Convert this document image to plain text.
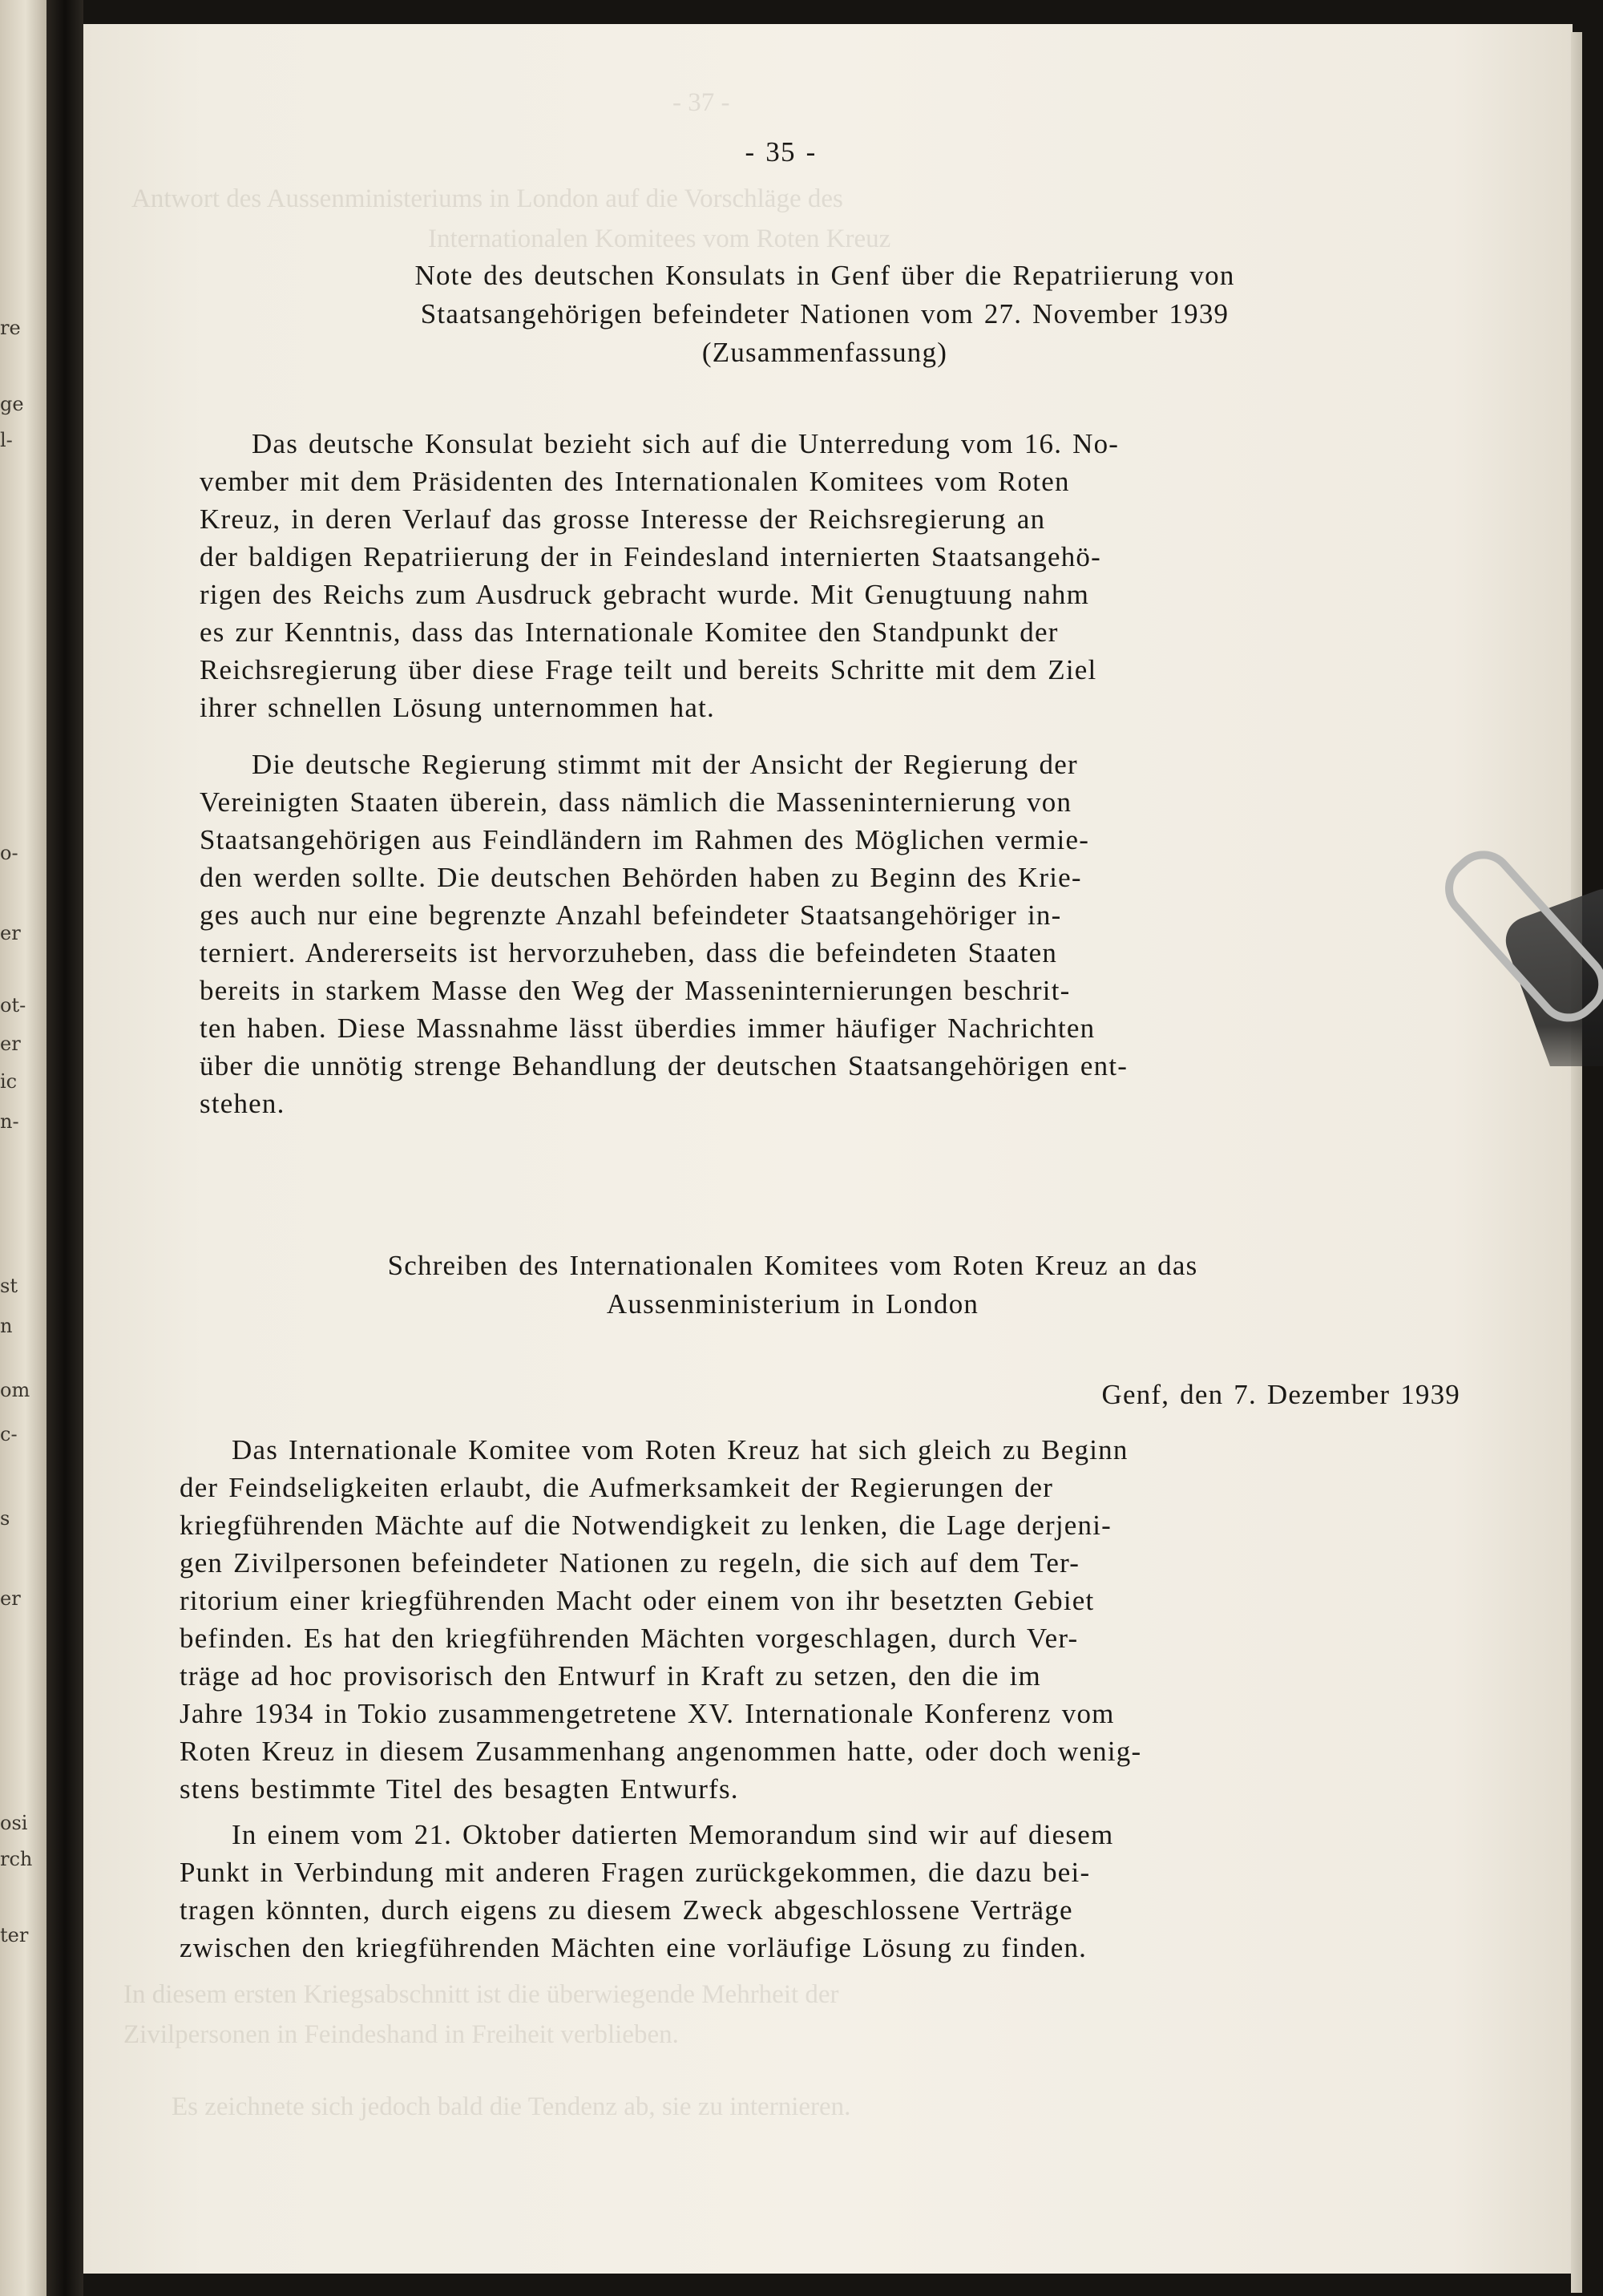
re
ge
l-
o-
er
ot-
er
ic
n-
st
n
om
c-
s
er
osi
rch
ter
- 37 -
Antwort des Aussenministeriums in London auf die Vorschläge des
Internationalen Komitees vom Roten Kreuz
In diesem ersten Kriegsabschnitt ist die überwiegende Mehrheit der
Zivilpersonen in Feindeshand in Freiheit verblieben.
Es zeichnete sich jedoch bald die Tendenz ab, sie zu internieren.
- 35 -
Note des deutschen Konsulats in Genf über die Repatriierung von
Staatsangehörigen befeindeter Nationen vom 27. November 1939
(Zusammenfassung)
Das deutsche Konsulat bezieht sich auf die Unterredung vom 16. No-
vember mit dem Präsidenten des Internationalen Komitees vom Roten
Kreuz, in deren Verlauf das grosse Interesse der Reichsregierung an
der baldigen Repatriierung der in Feindesland internierten Staatsangehö-
rigen des Reichs zum Ausdruck gebracht wurde. Mit Genugtuung nahm
es zur Kenntnis, dass das Internationale Komitee den Standpunkt der
Reichsregierung über diese Frage teilt und bereits Schritte mit dem Ziel
ihrer schnellen Lösung unternommen hat.
Die deutsche Regierung stimmt mit der Ansicht der Regierung der
Vereinigten Staaten überein, dass nämlich die Masseninternierung von
Staatsangehörigen aus Feindländern im Rahmen des Möglichen vermie-
den werden sollte. Die deutschen Behörden haben zu Beginn des Krie-
ges auch nur eine begrenzte Anzahl befeindeter Staatsangehöriger in-
terniert. Andererseits ist hervorzuheben, dass die befeindeten Staaten
bereits in starkem Masse den Weg der Masseninternierungen beschrit-
ten haben. Diese Massnahme lässt überdies immer häufiger Nachrichten
über die unnötig strenge Behandlung der deutschen Staatsangehörigen ent-
stehen.
Schreiben des Internationalen Komitees vom Roten Kreuz an das
Aussenministerium in London
Genf, den 7. Dezember 1939
Das Internationale Komitee vom Roten Kreuz hat sich gleich zu Beginn
der Feindseligkeiten erlaubt, die Aufmerksamkeit der Regierungen der
kriegführenden Mächte auf die Notwendigkeit zu lenken, die Lage derjeni-
gen Zivilpersonen befeindeter Nationen zu regeln, die sich auf dem Ter-
ritorium einer kriegführenden Macht oder einem von ihr besetzten Gebiet
befinden. Es hat den kriegführenden Mächten vorgeschlagen, durch Ver-
träge ad hoc provisorisch den Entwurf in Kraft zu setzen, den die im
Jahre 1934 in Tokio zusammengetretene XV. Internationale Konferenz vom
Roten Kreuz in diesem Zusammenhang angenommen hatte, oder doch wenig-
stens bestimmte Titel des besagten Entwurfs.
In einem vom 21. Oktober datierten Memorandum sind wir auf diesem
Punkt in Verbindung mit anderen Fragen zurückgekommen, die dazu bei-
tragen könnten, durch eigens zu diesem Zweck abgeschlossene Verträge
zwischen den kriegführenden Mächten eine vorläufige Lösung zu finden.
